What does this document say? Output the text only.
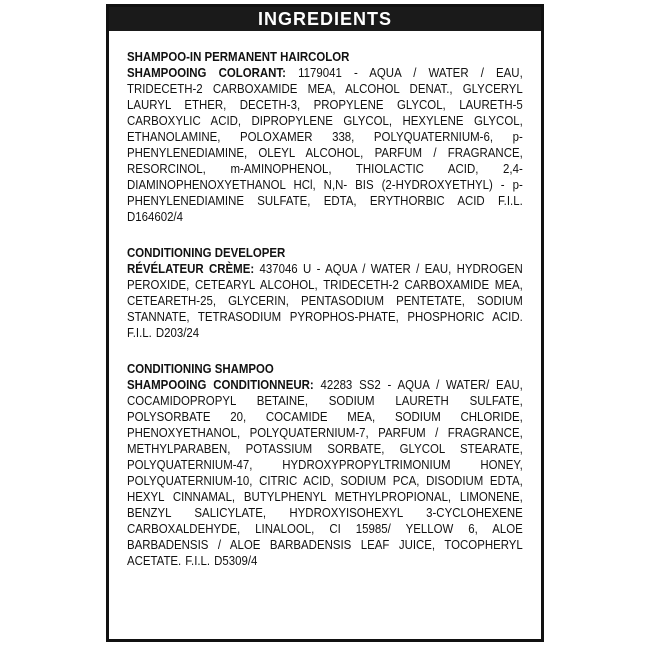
INGREDIENTS
SHAMPOO-IN PERMANENT HAIRCOLOR
SHAMPOOING COLORANT: 1179041 - AQUA / WATER / EAU, TRIDECETH-2 CARBOXAMIDE MEA, ALCOHOL DENAT., GLYCERYL LAURYL ETHER, DECETH-3, PROPYLENE GLYCOL, LAURETH-5 CARBOXYLIC ACID, DIPROPYLENE GLYCOL, HEXYLENE GLYCOL, ETHANOLAMINE, POLOXAMER 338, POLYQUATERNIUM-6, p-PHENYLENEDIAMINE, OLEYL ALCOHOL, PARFUM / FRAGRANCE, RESORCINOL, m-AMINOPHENOL, THIOLACTIC ACID, 2,4-DIAMINOPHENOXYETHANOL HCl, N,N- BIS (2-HYDROXYETHYL) - p-PHENYLENEDIAMINE SULFATE, EDTA, ERYTHORBIC ACID F.I.L. D164602/4
CONDITIONING DEVELOPER
RÉVÉLATEUR CRÈME: 437046 U - AQUA / WATER / EAU, HYDROGEN PEROXIDE, CETEARYL ALCOHOL, TRIDECETH-2 CARBOXAMIDE MEA, CETEARETH-25, GLYCERIN, PENTASODIUM PENTETATE, SODIUM STANNATE, TETRASODIUM PYROPHOS-PHATE, PHOSPHORIC ACID. F.I.L. D203/24
CONDITIONING SHAMPOO
SHAMPOOING CONDITIONNEUR: 42283 SS2 - AQUA / WATER/ EAU, COCAMIDOPROPYL BETAINE, SODIUM LAURETH SULFATE, POLYSORBATE 20, COCAMIDE MEA, SODIUM CHLORIDE, PHENOXYETHANOL, POLYQUATERNIUM-7, PARFUM / FRAGRANCE, METHYLPARABEN, POTASSIUM SORBATE, GLYCOL STEARATE, POLYQUATERNIUM-47, HYDROXYPROPYLTRIMONIUM HONEY, POLYQUATERNIUM-10, CITRIC ACID, SODIUM PCA, DISODIUM EDTA, HEXYL CINNAMAL, BUTYLPHENYL METHYLPROPIONAL, LIMONENE, BENZYL SALICYLATE, HYDROXYISOHEXYL 3-CYCLOHEXENE CARBOXALDEHYDE, LINALOOL, CI 15985/ YELLOW 6, ALOE BARBADENSIS / ALOE BARBADENSIS LEAF JUICE, TOCOPHERYL ACETATE. F.I.L. D5309/4
